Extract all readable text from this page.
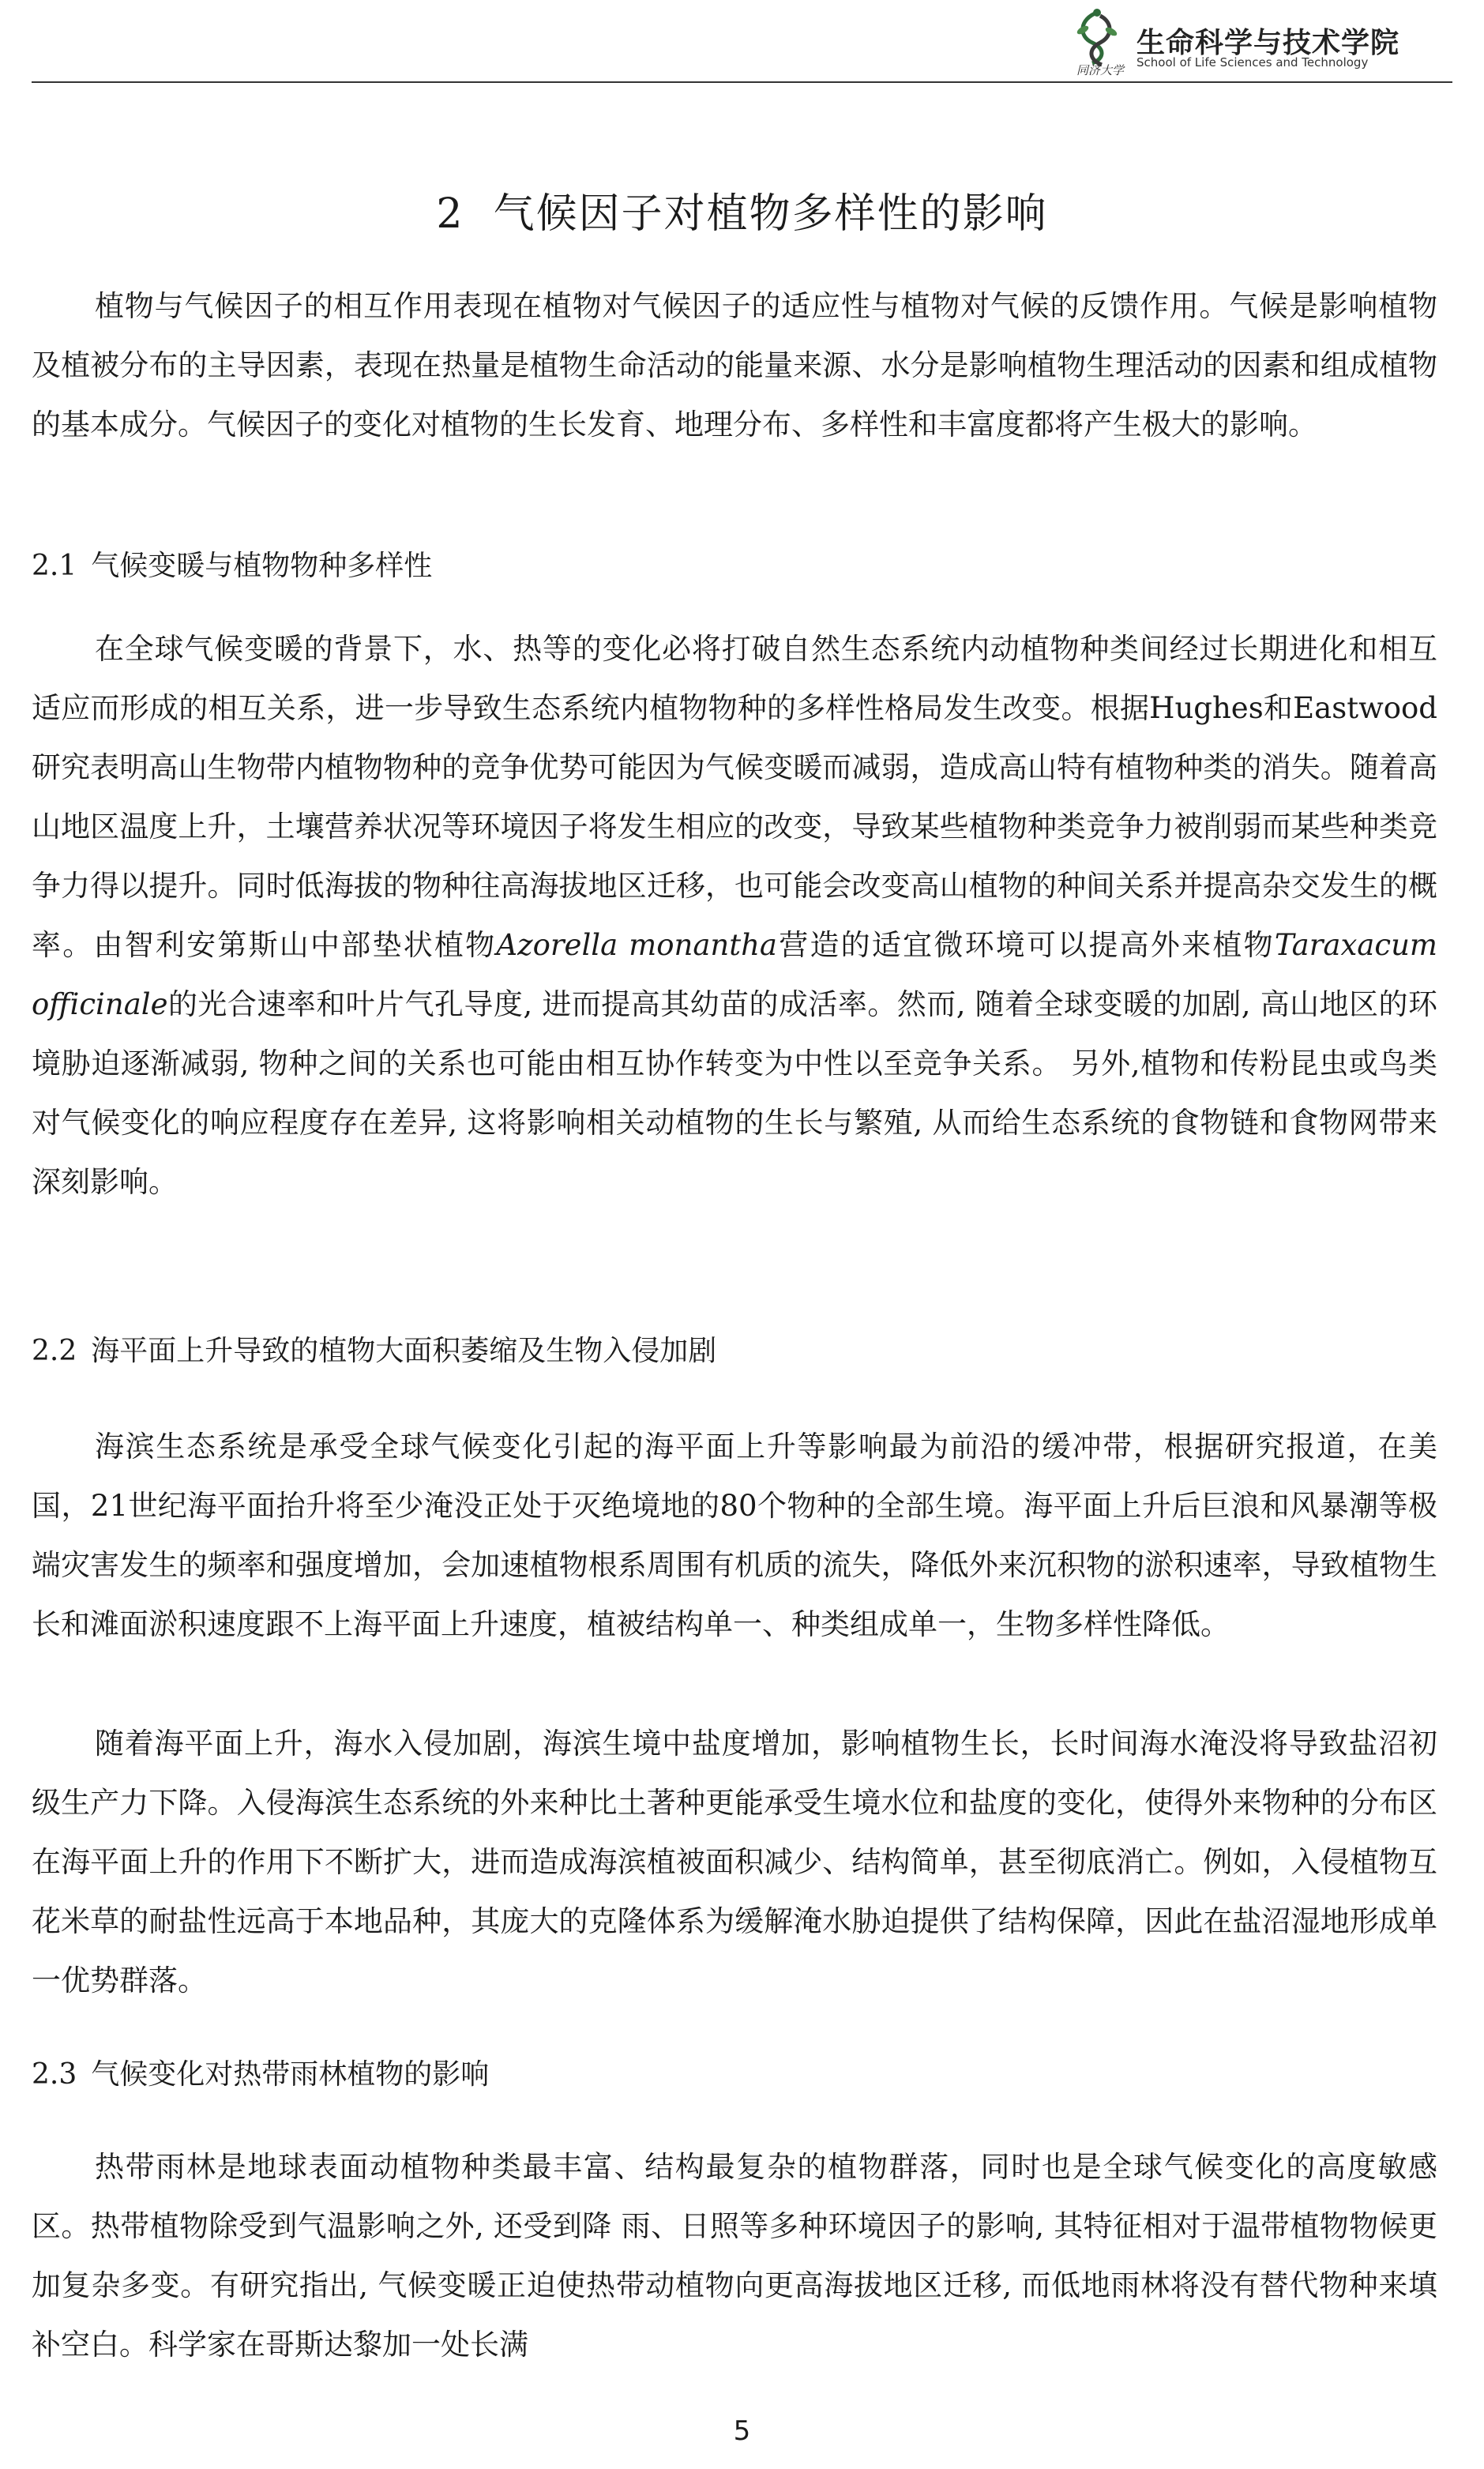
同济大学
生命科学与技术学院
School of Life Sciences and Technology
2 气候因子对植物多样性的影响

植物与气候因子的相互作用表现在植物对气候因子的适应性与植物对气候的反馈作用。气候是影响植物及植被分布的主导因素，表现在热量是植物生命活动的能量来源、水分是影响植物生理活动的因素和组成植物的基本成分。气候因子的变化对植物的生长发育、地理分布、多样性和丰富度都将产生极大的影响。

2.1 气候变暖与植物物种多样性

在全球气候变暖的背景下，水、热等的变化必将打破自然生态系统内动植物种类间经过长期进化和相互适应而形成的相互关系，进一步导致生态系统内植物物种的多样性格局发生改变。根据Hughes和Eastwood研究表明高山生物带内植物物种的竞争优势可能因为气候变暖而减弱，造成高山特有植物种类的消失。随着高山地区温度上升，土壤营养状况等环境因子将发生相应的改变，导致某些植物种类竞争力被削弱而某些种类竞争力得以提升。同时低海拔的物种往高海拔地区迁移，也可能会改变高山植物的种间关系并提高杂交发生的概率。由智利安第斯山中部垫状植物Azorella monantha营造的适宜微环境可以提高外来植物Taraxacum officinale的光合速率和叶片气孔导度, 进而提高其幼苗的成活率。然而, 随着全球变暖的加剧, 高山地区的环境胁迫逐渐减弱, 物种之间的关系也可能由相互协作转变为中性以至竞争关系。 另外,植物和传粉昆虫或鸟类对气候变化的响应程度存在差异, 这将影响相关动植物的生长与繁殖, 从而给生态系统的食物链和食物网带来深刻影响。

2.2 海平面上升导致的植物大面积萎缩及生物入侵加剧

海滨生态系统是承受全球气候变化引起的海平面上升等影响最为前沿的缓冲带，根据研究报道，在美国，21世纪海平面抬升将至少淹没正处于灭绝境地的80个物种的全部生境。海平面上升后巨浪和风暴潮等极端灾害发生的频率和强度增加，会加速植物根系周围有机质的流失，降低外来沉积物的淤积速率，导致植物生长和滩面淤积速度跟不上海平面上升速度，植被结构单一、种类组成单一，生物多样性降低。

随着海平面上升，海水入侵加剧，海滨生境中盐度增加，影响植物生长，长时间海水淹没将导致盐沼初级生产力下降。入侵海滨生态系统的外来种比土著种更能承受生境水位和盐度的变化，使得外来物种的分布区在海平面上升的作用下不断扩大，进而造成海滨植被面积减少、结构简单，甚至彻底消亡。例如，入侵植物互花米草的耐盐性远高于本地品种，其庞大的克隆体系为缓解淹水胁迫提供了结构保障，因此在盐沼湿地形成单一优势群落。

2.3 气候变化对热带雨林植物的影响

热带雨林是地球表面动植物种类最丰富、结构最复杂的植物群落，同时也是全球气候变化的高度敏感区。热带植物除受到气温影响之外, 还受到降 雨、日照等多种环境因子的影响, 其特征相对于温带植物物候更加复杂多变。有研究指出, 气候变暖正迫使热带动植物向更高海拔地区迁移, 而低地雨林将没有替代物种来填补空白。科学家在哥斯达黎加一处长满

5
